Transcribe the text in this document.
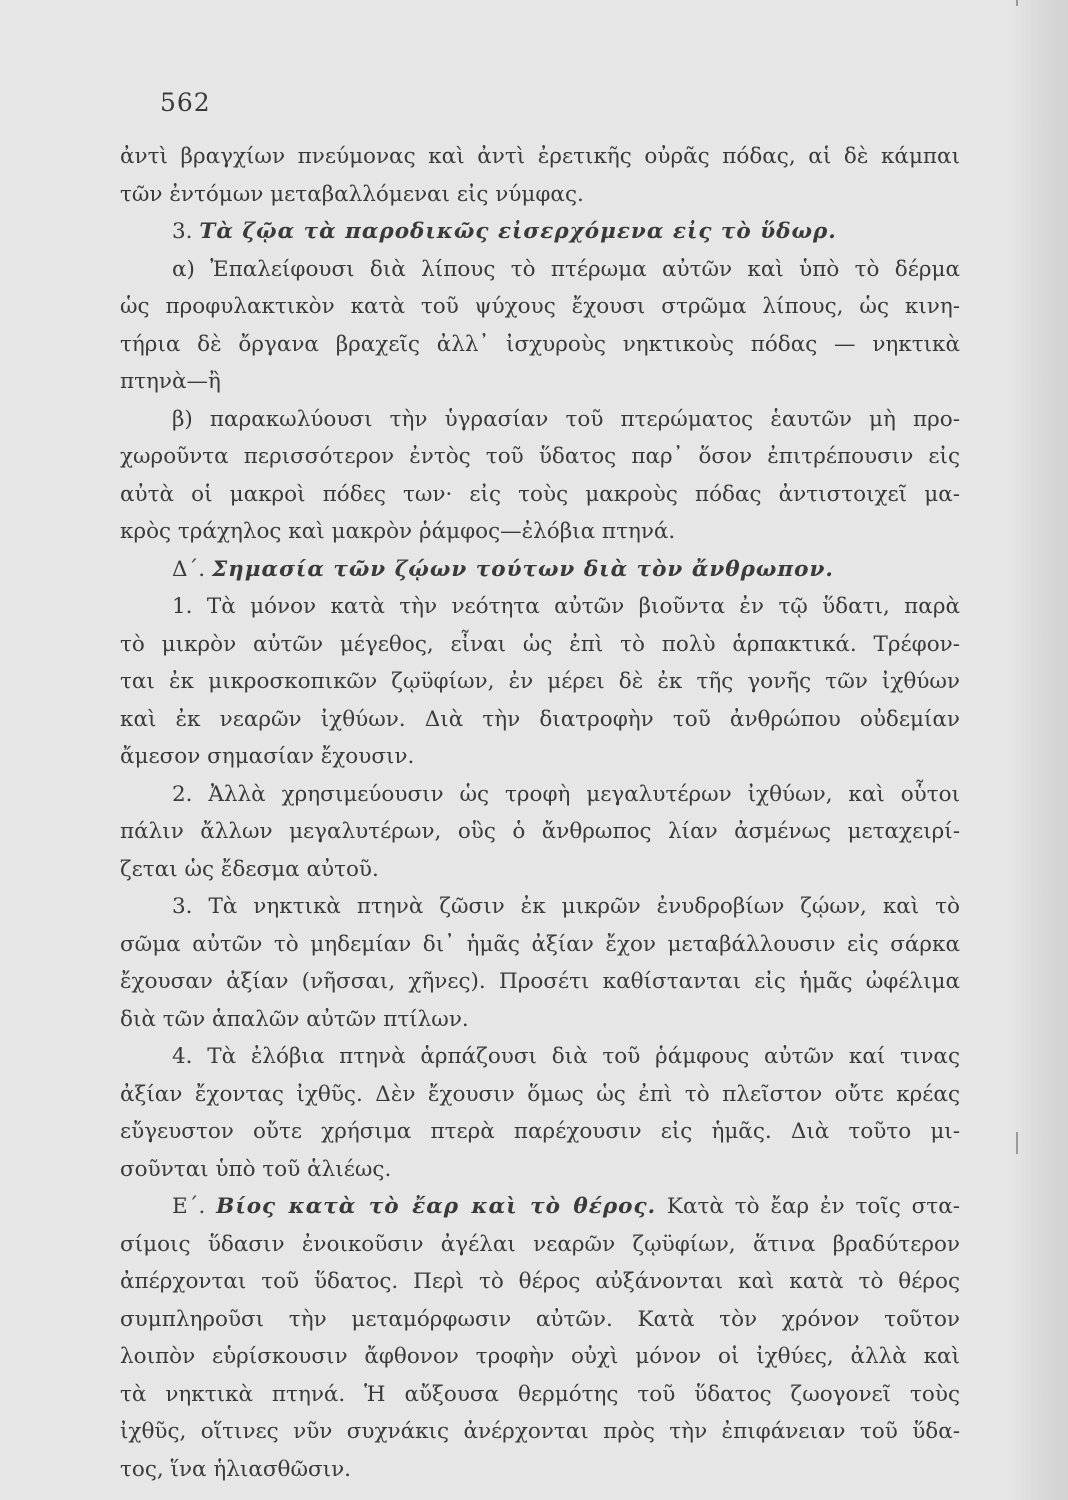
562
ἀντὶ βραγχίων πνεύμονας καὶ ἀντὶ ἐρετικῆς οὐρᾶς πόδας, αἱ δὲ κάμπαι
τῶν ἐντόμων μεταβαλλόμεναι εἰς νύμφας.
3. Τὰ ζῷα τὰ παροδικῶς εἰσερχόμενα εἰς τὸ ὕδωρ.
α) Ἐπαλείφουσι διὰ λίπους τὸ πτέρωμα αὐτῶν καὶ ὑπὸ τὸ δέρμα
ὡς προφυλακτικὸν κατὰ τοῦ ψύχους ἔχουσι στρῶμα λίπους, ὡς κινη-
τήρια δὲ ὄργανα βραχεῖς ἀλλ᾽ ἰσχυροὺς νηκτικοὺς πόδας — νηκτικὰ
πτηνὰ—ἢ
β) παρακωλύουσι τὴν ὑγρασίαν τοῦ πτερώματος ἑαυτῶν μὴ προ-
χωροῦντα περισσότερον ἐντὸς τοῦ ὕδατος παρ᾽ ὅσον ἐπιτρέπουσιν εἰς
αὐτὰ οἱ μακροὶ πόδες των· εἰς τοὺς μακροὺς πόδας ἀντιστοιχεῖ μα-
κρὸς τράχηλος καὶ μακρὸν ῥάμφος—ἐλόβια πτηνά.
Δ΄. Σημασία τῶν ζῴων τούτων διὰ τὸν ἄνθρωπον.
1. Τὰ μόνον κατὰ τὴν νεότητα αὐτῶν βιοῦντα ἐν τῷ ὕδατι, παρὰ
τὸ μικρὸν αὐτῶν μέγεθος, εἶναι ὡς ἐπὶ τὸ πολὺ ἁρπακτικά. Τρέφον-
ται ἐκ μικροσκοπικῶν ζῳϋφίων, ἐν μέρει δὲ ἐκ τῆς γονῆς τῶν ἰχθύων
καὶ ἐκ νεαρῶν ἰχθύων. Διὰ τὴν διατροφὴν τοῦ ἀνθρώπου οὐδεμίαν
ἄμεσον σημασίαν ἔχουσιν.
2. Ἀλλὰ χρησιμεύουσιν ὡς τροφὴ μεγαλυτέρων ἰχθύων, καὶ οὗτοι
πάλιν ἄλλων μεγαλυτέρων, οὓς ὁ ἄνθρωπος λίαν ἀσμένως μεταχειρί-
ζεται ὡς ἔδεσμα αὐτοῦ.
3. Τὰ νηκτικὰ πτηνὰ ζῶσιν ἐκ μικρῶν ἐνυδροβίων ζῴων, καὶ τὸ
σῶμα αὐτῶν τὸ μηδεμίαν δι᾽ ἡμᾶς ἀξίαν ἔχον μεταβάλλουσιν εἰς σάρκα
ἔχουσαν ἀξίαν (νῆσσαι, χῆνες). Προσέτι καθίστανται εἰς ἡμᾶς ὠφέλιμα
διὰ τῶν ἁπαλῶν αὐτῶν πτίλων.
4. Τὰ ἐλόβια πτηνὰ ἁρπάζουσι διὰ τοῦ ῥάμφους αὐτῶν καί τινας
ἀξίαν ἔχοντας ἰχθῦς. Δὲν ἔχουσιν ὅμως ὡς ἐπὶ τὸ πλεῖστον οὔτε κρέας
εὔγευστον οὔτε χρήσιμα πτερὰ παρέχουσιν εἰς ἡμᾶς. Διὰ τοῦτο μι-
σοῦνται ὑπὸ τοῦ ἁλιέως.
Ε΄. Βίος κατὰ τὸ ἔαρ καὶ τὸ θέρος. Κατὰ τὸ ἔαρ ἐν τοῖς στα-
σίμοις ὕδασιν ἐνοικοῦσιν ἀγέλαι νεαρῶν ζῳϋφίων, ἅτινα βραδύτερον
ἀπέρχονται τοῦ ὕδατος. Περὶ τὸ θέρος αὐξάνονται καὶ κατὰ τὸ θέρος
συμπληροῦσι τὴν μεταμόρφωσιν αὐτῶν. Κατὰ τὸν χρόνον τοῦτον
λοιπὸν εὑρίσκουσιν ἄφθονον τροφὴν οὐχὶ μόνον οἱ ἰχθύες, ἀλλὰ καὶ
τὰ νηκτικὰ πτηνά. Ἡ αὔξουσα θερμότης τοῦ ὕδατος ζωογονεῖ τοὺς
ἰχθῦς, οἵτινες νῦν συχνάκις ἀνέρχονται πρὸς τὴν ἐπιφάνειαν τοῦ ὕδα-
τος, ἵνα ἡλιασθῶσιν.
